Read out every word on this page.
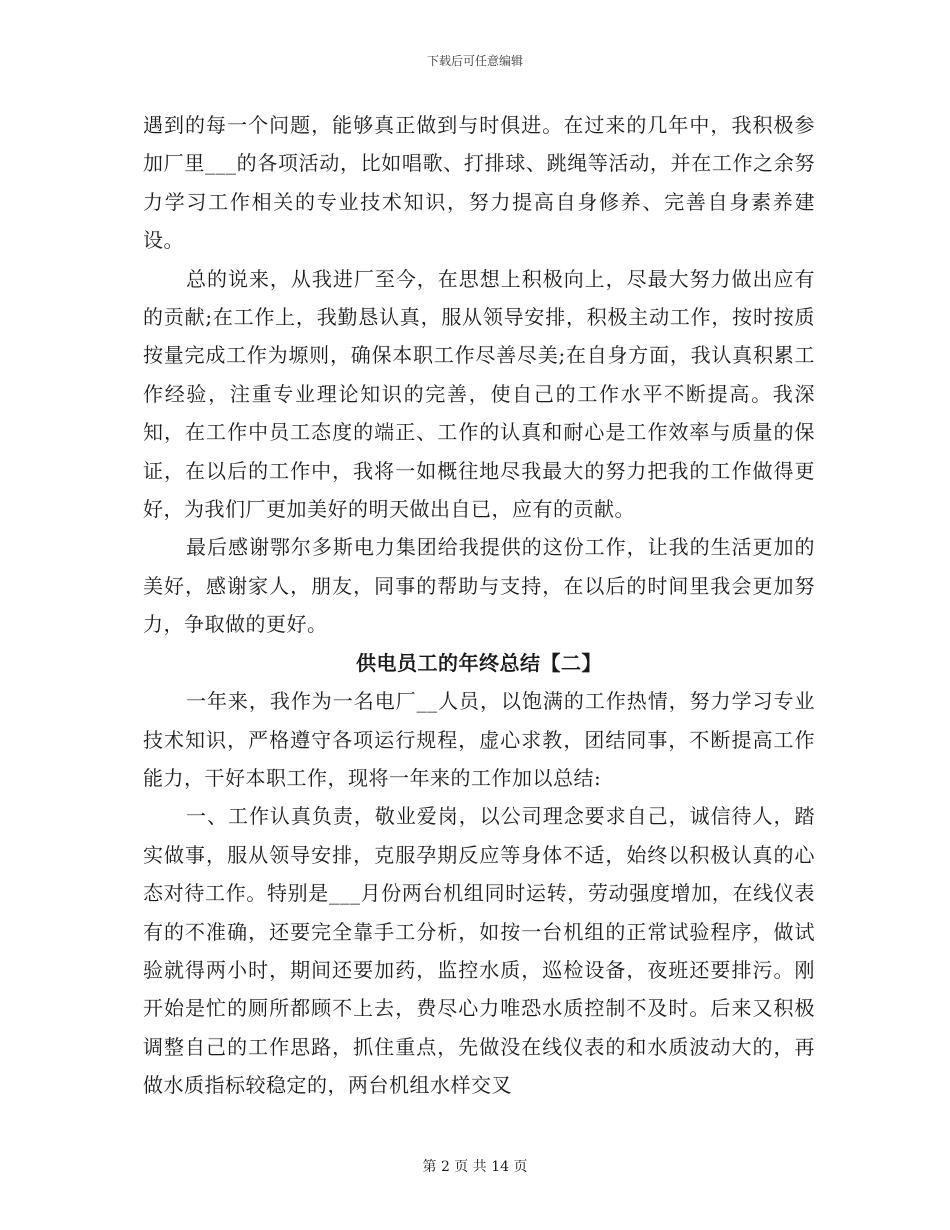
下载后可任意编辑

遇到的每一个问题，能够真正做到与时俱进。在过来的几年中，我积极参加厂里___的各项活动，比如唱歌、打排球、跳绳等活动，并在工作之余努力学习工作相关的专业技术知识，努力提高自身修养、完善自身素养建设。

总的说来，从我进厂至今，在思想上积极向上，尽最大努力做出应有的贡献;在工作上，我勤恳认真，服从领导安排，积极主动工作，按时按质按量完成工作为塬则，确保本职工作尽善尽美;在自身方面，我认真积累工作经验，注重专业理论知识的完善，使自己的工作水平不断提高。我深知，在工作中员工态度的端正、工作的认真和耐心是工作效率与质量的保证，在以后的工作中，我将一如概往地尽我最大的努力把我的工作做得更好，为我们厂更加美好的明天做出自已，应有的贡献。

最后感谢鄂尔多斯电力集团给我提供的这份工作，让我的生活更加的美好，感谢家人，朋友，同事的帮助与支持，在以后的时间里我会更加努力，争取做的更好。

供电员工的年终总结【二】

一年来，我作为一名电厂__人员，以饱满的工作热情，努力学习专业技术知识，严格遵守各项运行规程，虚心求教，团结同事，不断提高工作能力，干好本职工作，现将一年来的工作加以总结:

一、工作认真负责，敬业爱岗，以公司理念要求自己，诚信待人，踏实做事，服从领导安排，克服孕期反应等身体不适，始终以积极认真的心态对待工作。特别是___月份两台机组同时运转，劳动强度增加，在线仪表有的不准确，还要完全靠手工分析，如按一台机组的正常试验程序，做试验就得两小时，期间还要加药，监控水质，巡检设备，夜班还要排污。刚开始是忙的厕所都顾不上去，费尽心力唯恐水质控制不及时。后来又积极调整自己的工作思路，抓住重点，先做没在线仪表的和水质波动大的，再做水质指标较稳定的，两台机组水样交叉

第 2 页 共 14 页
